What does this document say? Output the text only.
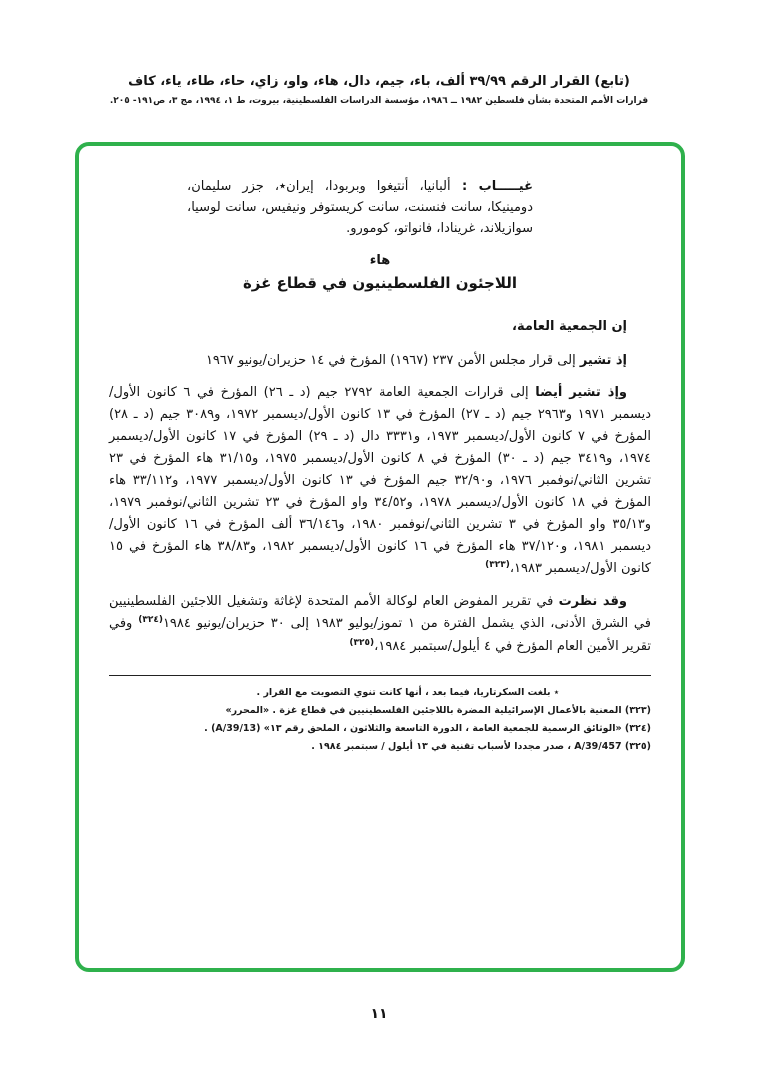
(تابع) القرار الرقم ٣٩/٩٩ ألف، باء، جيم، دال، هاء، واو، زاي، حاء، طاء، ياء، كاف
قرارات الأمم المتحدة بشأن فلسطين ١٩٨٢ ــ ١٩٨٦، مؤسسة الدراسات الفلسطينية، بيروت، ط ١، ١٩٩٤، مج ٣، ص١٩١- ٢٠٥.

غيـــــاب : ألبانيا، أنتيغوا وبربودا، إيران٭، جزر سليمان، دومينيكا، سانت فنسنت، سانت كريستوفر ونيفيس، سانت لوسيا، سوازيلاند، غرينادا، فانواتو، كومورو.

هاء
اللاجئون الفلسطينيون في قطاع غزة

إن الجمعية العامة،

إذ تشير إلى قرار مجلس الأمن ٢٣٧ (١٩٦٧) المؤرخ في ١٤ حزيران/يونيو ١٩٦٧

وإذ تشير أيضا إلى قرارات الجمعية العامة ٢٧٩٢ جيم (د ـ ٢٦) المؤرخ في ٦ كانون الأول/ديسمبر ١٩٧١ و٢٩٦٣ جيم (د ـ ٢٧) المؤرخ في ١٣ كانون الأول/ديسمبر ١٩٧٢، و٣٠٨٩ جيم (د ـ ٢٨) المؤرخ في ٧ كانون الأول/ديسمبر ١٩٧٣، و٣٣٣١ دال (د ـ ٢٩) المؤرخ في ١٧ كانون الأول/ديسمبر ١٩٧٤، و٣٤١٩ جيم (د ـ ٣٠) المؤرخ في ٨ كانون الأول/ديسمبر ١٩٧٥، و٣١/١٥ هاء المؤرخ في ٢٣ تشرين الثاني/نوفمبر ١٩٧٦، و٣٢/٩٠ جيم المؤرخ في ١٣ كانون الأول/ديسمبر ١٩٧٧، و٣٣/١١٢ هاء المؤرخ في ١٨ كانون الأول/ديسمبر ١٩٧٨، و٣٤/٥٢ واو المؤرخ في ٢٣ تشرين الثاني/نوفمبر ١٩٧٩، و٣٥/١٣ واو المؤرخ في ٣ تشرين الثاني/نوفمبر ١٩٨٠، و٣٦/١٤٦ ألف المؤرخ في ١٦ كانون الأول/ديسمبر ١٩٨١، و٣٧/١٢٠ هاء المؤرخ في ١٦ كانون الأول/ديسمبر ١٩٨٢، و٣٨/٨٣ هاء المؤرخ في ١٥ كانون الأول/ديسمبر ١٩٨٣،$^{(٣٢٣)}$

وقد نظرت في تقرير المفوض العام لوكالة الأمم المتحدة لإغاثة وتشغيل اللاجئين الفلسطينيين في الشرق الأدنى، الذي يشمل الفترة من ١ تموز/يوليو ١٩٨٣ إلى ٣٠ حزيران/يونيو ١٩٨٤$^{(٣٢٤)}$ وفي تقرير الأمين العام المؤرخ في ٤ أيلول/سبتمبر ١٩٨٤،$^{(٣٢٥)}$

٭ بلغت السكرتاريا، فيما بعد ، أنها كانت تنوي التصويت مع القرار .

(٣٢٣) المعنية بالأعمال الإسرائيلية المضرة باللاجئين الفلسطينيين في قطاع غزة . «المحرر»

(٣٢٤) «الوثائق الرسمية للجمعية العامة ، الدورة التاسعة والثلاثون ، الملحق رقم ١٣» (A/39/13) .

(٣٢٥) A/39/457 ، صدر مجددا لأسباب تقنية في ١٣ أيلول / سبتمبر ١٩٨٤ .

١١
